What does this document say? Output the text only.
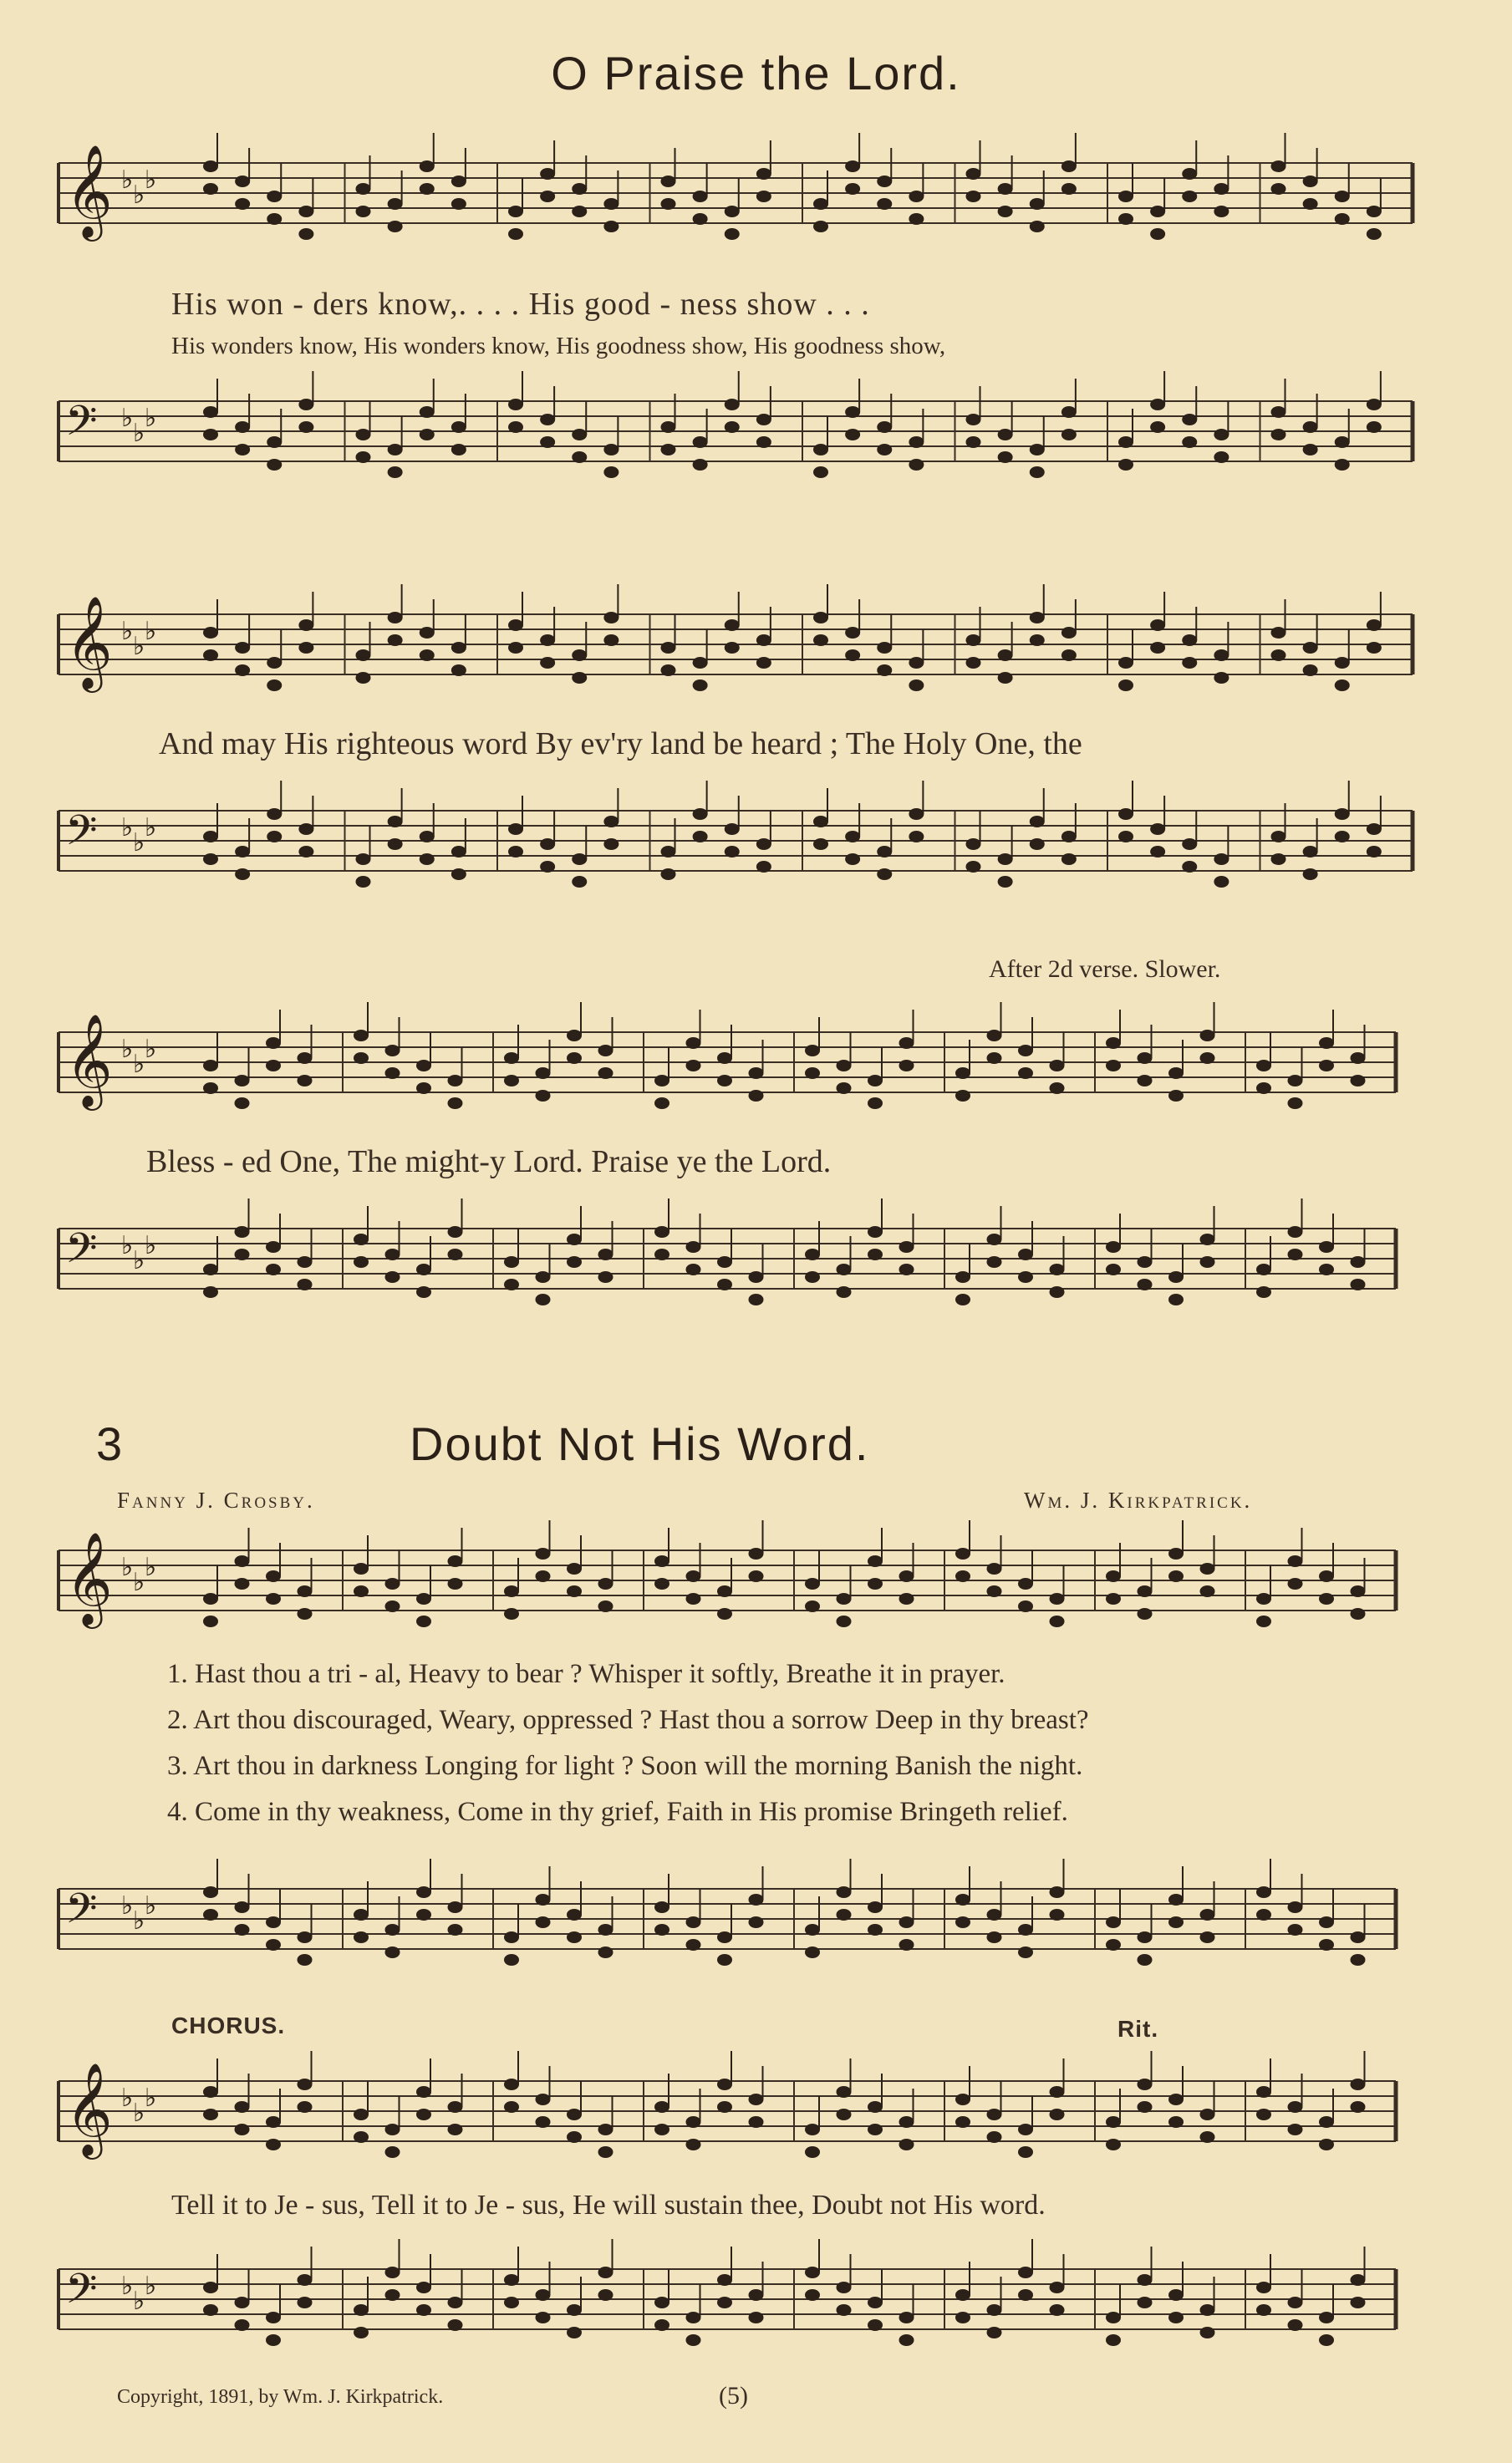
O Praise the Lord.
𝄞 ♭
♭
♭
His won - ders know,. . . . His good - ness show . . .
His wonders know, His wonders know, His goodness show, His goodness show,
𝄢 ♭
♭
♭
𝄞 ♭
♭
♭
And may His righteous word By ev'ry land be heard ; The Holy One, the
𝄢 ♭
♭
♭
After 2d verse. Slower.
𝄞 ♭
♭
♭
Bless - ed One, The might-y Lord. Praise ye the Lord.
𝄢 ♭
♭
♭
3	Doubt Not His Word.
Fanny J. Crosby.	Wm. J. Kirkpatrick.
𝄞 ♭
♭
♭
1. Hast thou a tri - al, Heavy to bear ? Whisper it softly, Breathe it in prayer.
2. Art thou discouraged, Weary, oppressed ? Hast thou a sorrow Deep in thy breast?
3. Art thou in darkness Longing for light ? Soon will the morning Banish the night.
4. Come in thy weakness, Come in thy grief, Faith in His promise Bringeth relief.
𝄢 ♭
♭
♭
CHORUS.	Rit.
𝄞 ♭
♭
♭
Tell it to Je - sus, Tell it to Je - sus, He will sustain thee, Doubt not His word.
𝄢 ♭
♭
♭
Copyright, 1891, by Wm. J. Kirkpatrick.	(5)
